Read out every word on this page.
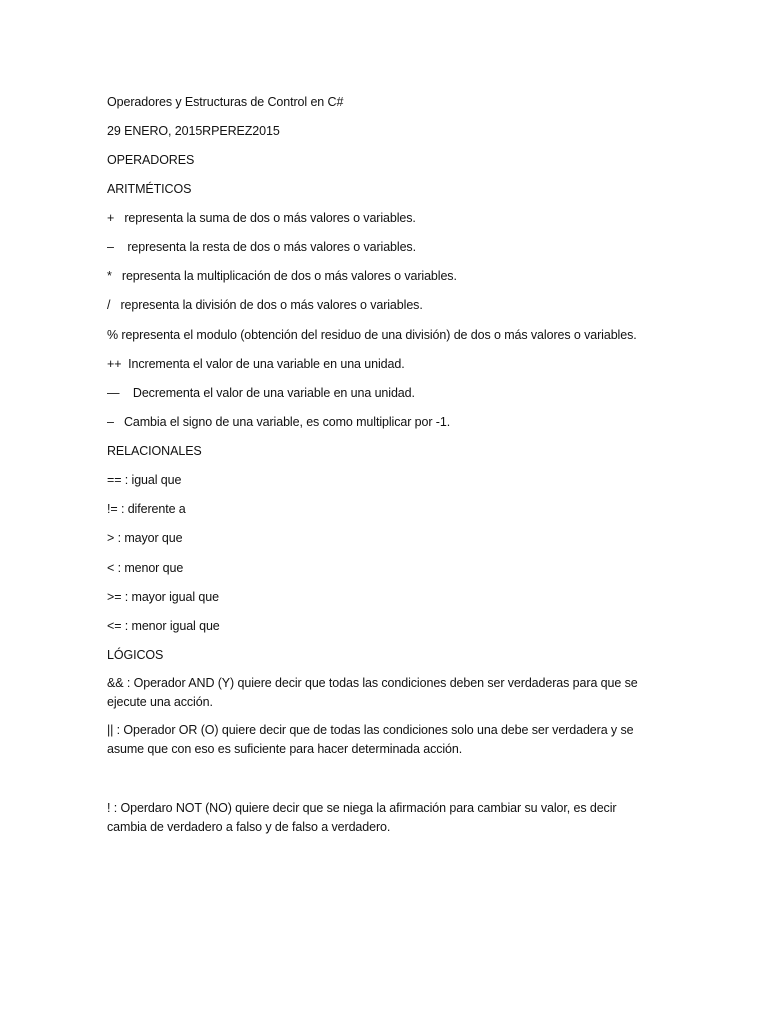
Operadores y Estructuras de Control en C#
29 ENERO, 2015RPEREZ2015
OPERADORES
ARITMÉTICOS
+   representa la suma de dos o más valores o variables.
–    representa la resta de dos o más valores o variables.
*   representa la multiplicación de dos o más valores o variables.
/   representa la división de dos o más valores o variables.
% representa el modulo (obtención del residuo de una división) de dos o más valores o variables.
++  Incrementa el valor de una variable en una unidad.
—    Decrementa el valor de una variable en una unidad.
–   Cambia el signo de una variable, es como multiplicar por -1.
RELACIONALES
== : igual que
!= : diferente a
> : mayor que
< : menor que
>= : mayor igual que
<= : menor igual que
LÓGICOS
&& : Operador AND (Y) quiere decir que todas las condiciones deben ser verdaderas para que se
ejecute una acción.
|| : Operador OR (O) quiere decir que de todas las condiciones solo una debe ser verdadera y se
asume que con eso es suficiente para hacer determinada acción.
! : Operdaro NOT (NO) quiere decir que se niega la afirmación para cambiar su valor, es decir
cambia de verdadero a falso y de falso a verdadero.
